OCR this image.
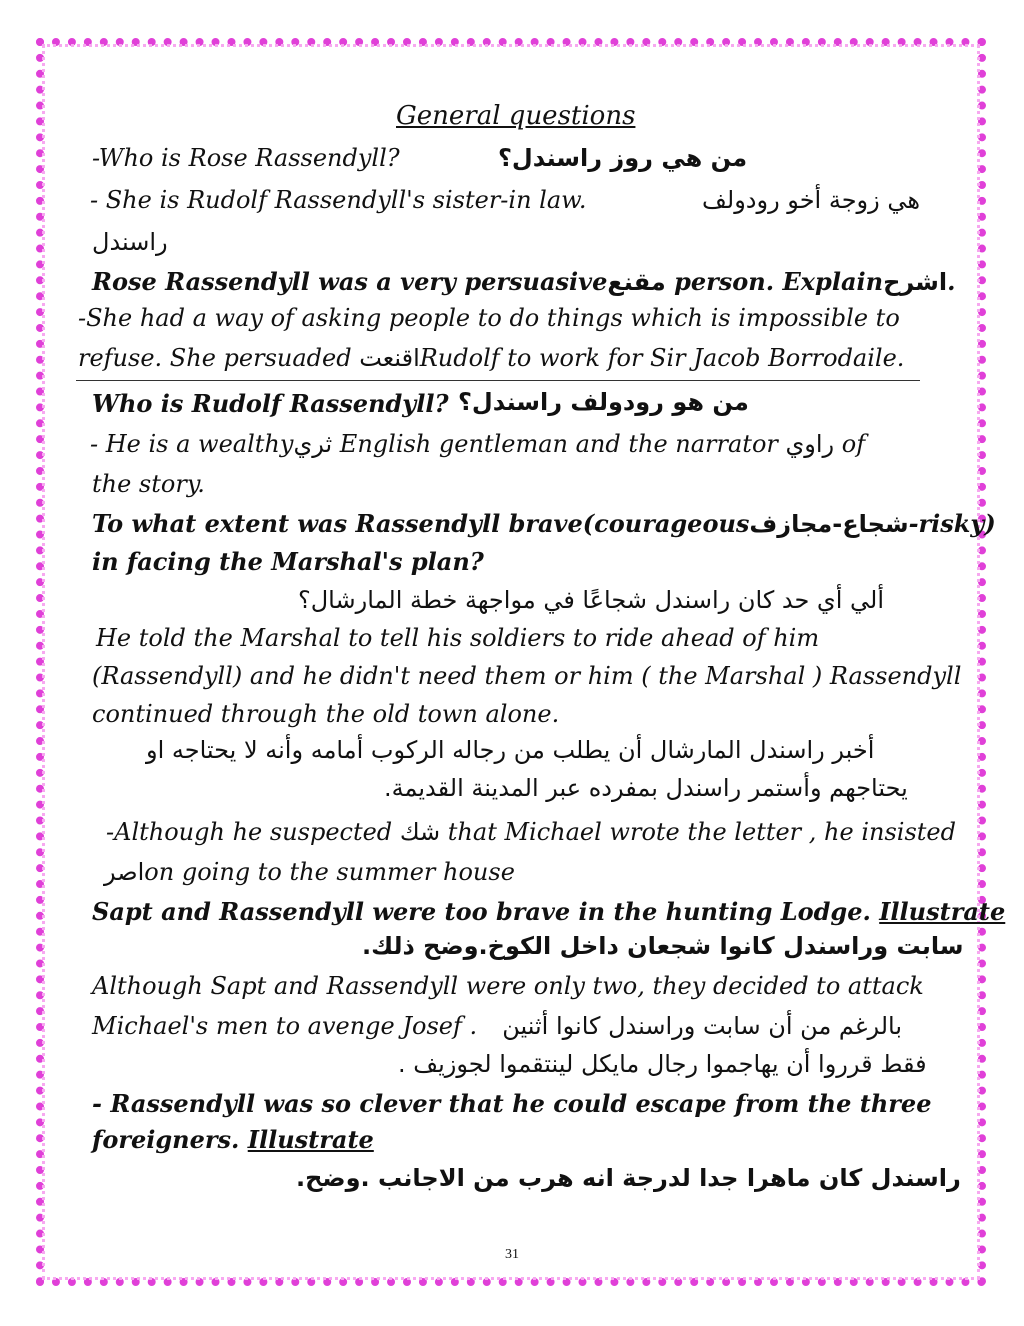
General questions
-Who is Rose Rassendyll?	من هي روز راسندل؟
- She is Rudolf Rassendyll's sister-in law.	هي زوجة أخو رودولف
راسندل
Rose Rassendyll was a very persuasiveمقنع person. Explainاشرح.
-She had a way of asking people to do things which is impossible to
refuse. She persuaded اقنعتRudolf to work for Sir Jacob Borrodaile.
Who is Rudolf Rassendyll? من هو رودولف راسندل؟
- He is a wealthyثري English gentleman and the narrator راوي of
the story.
To what extent was Rassendyll brave(courageousشجاع-مجازف-risky)
in facing the Marshal's plan?
ألي أي حد كان راسندل شجاعًا في مواجهة خطة المارشال؟
He told the Marshal to tell his soldiers to ride ahead of him
(Rassendyll) and he didn't need them or him ( the Marshal ) Rassendyll
continued through the old town alone.
أخبر راسندل المارشال أن يطلب من رجاله الركوب أمامه وأنه لا يحتاجه او
يحتاجهم وأستمر راسندل بمفرده عبر المدينة القديمة.
-Although he suspected شك that Michael wrote the letter , he insisted
اصرon going to the summer house
Sapt and Rassendyll were too brave in the hunting Lodge. Illustrate
سابت وراسندل كانوا شجعان داخل الكوخ.وضح ذلك.
Although Sapt and Rassendyll were only two, they decided to attack
Michael's men to avenge Josef . بالرغم من أن سابت وراسندل كانوا أثنين
فقط قرروا أن يهاجموا رجال مايكل لينتقموا لجوزيف .
- Rassendyll was so clever that he could escape from the three
foreigners. Illustrate
راسندل كان ماهرا جدا لدرجة انه هرب من الاجانب .وضح.
31
